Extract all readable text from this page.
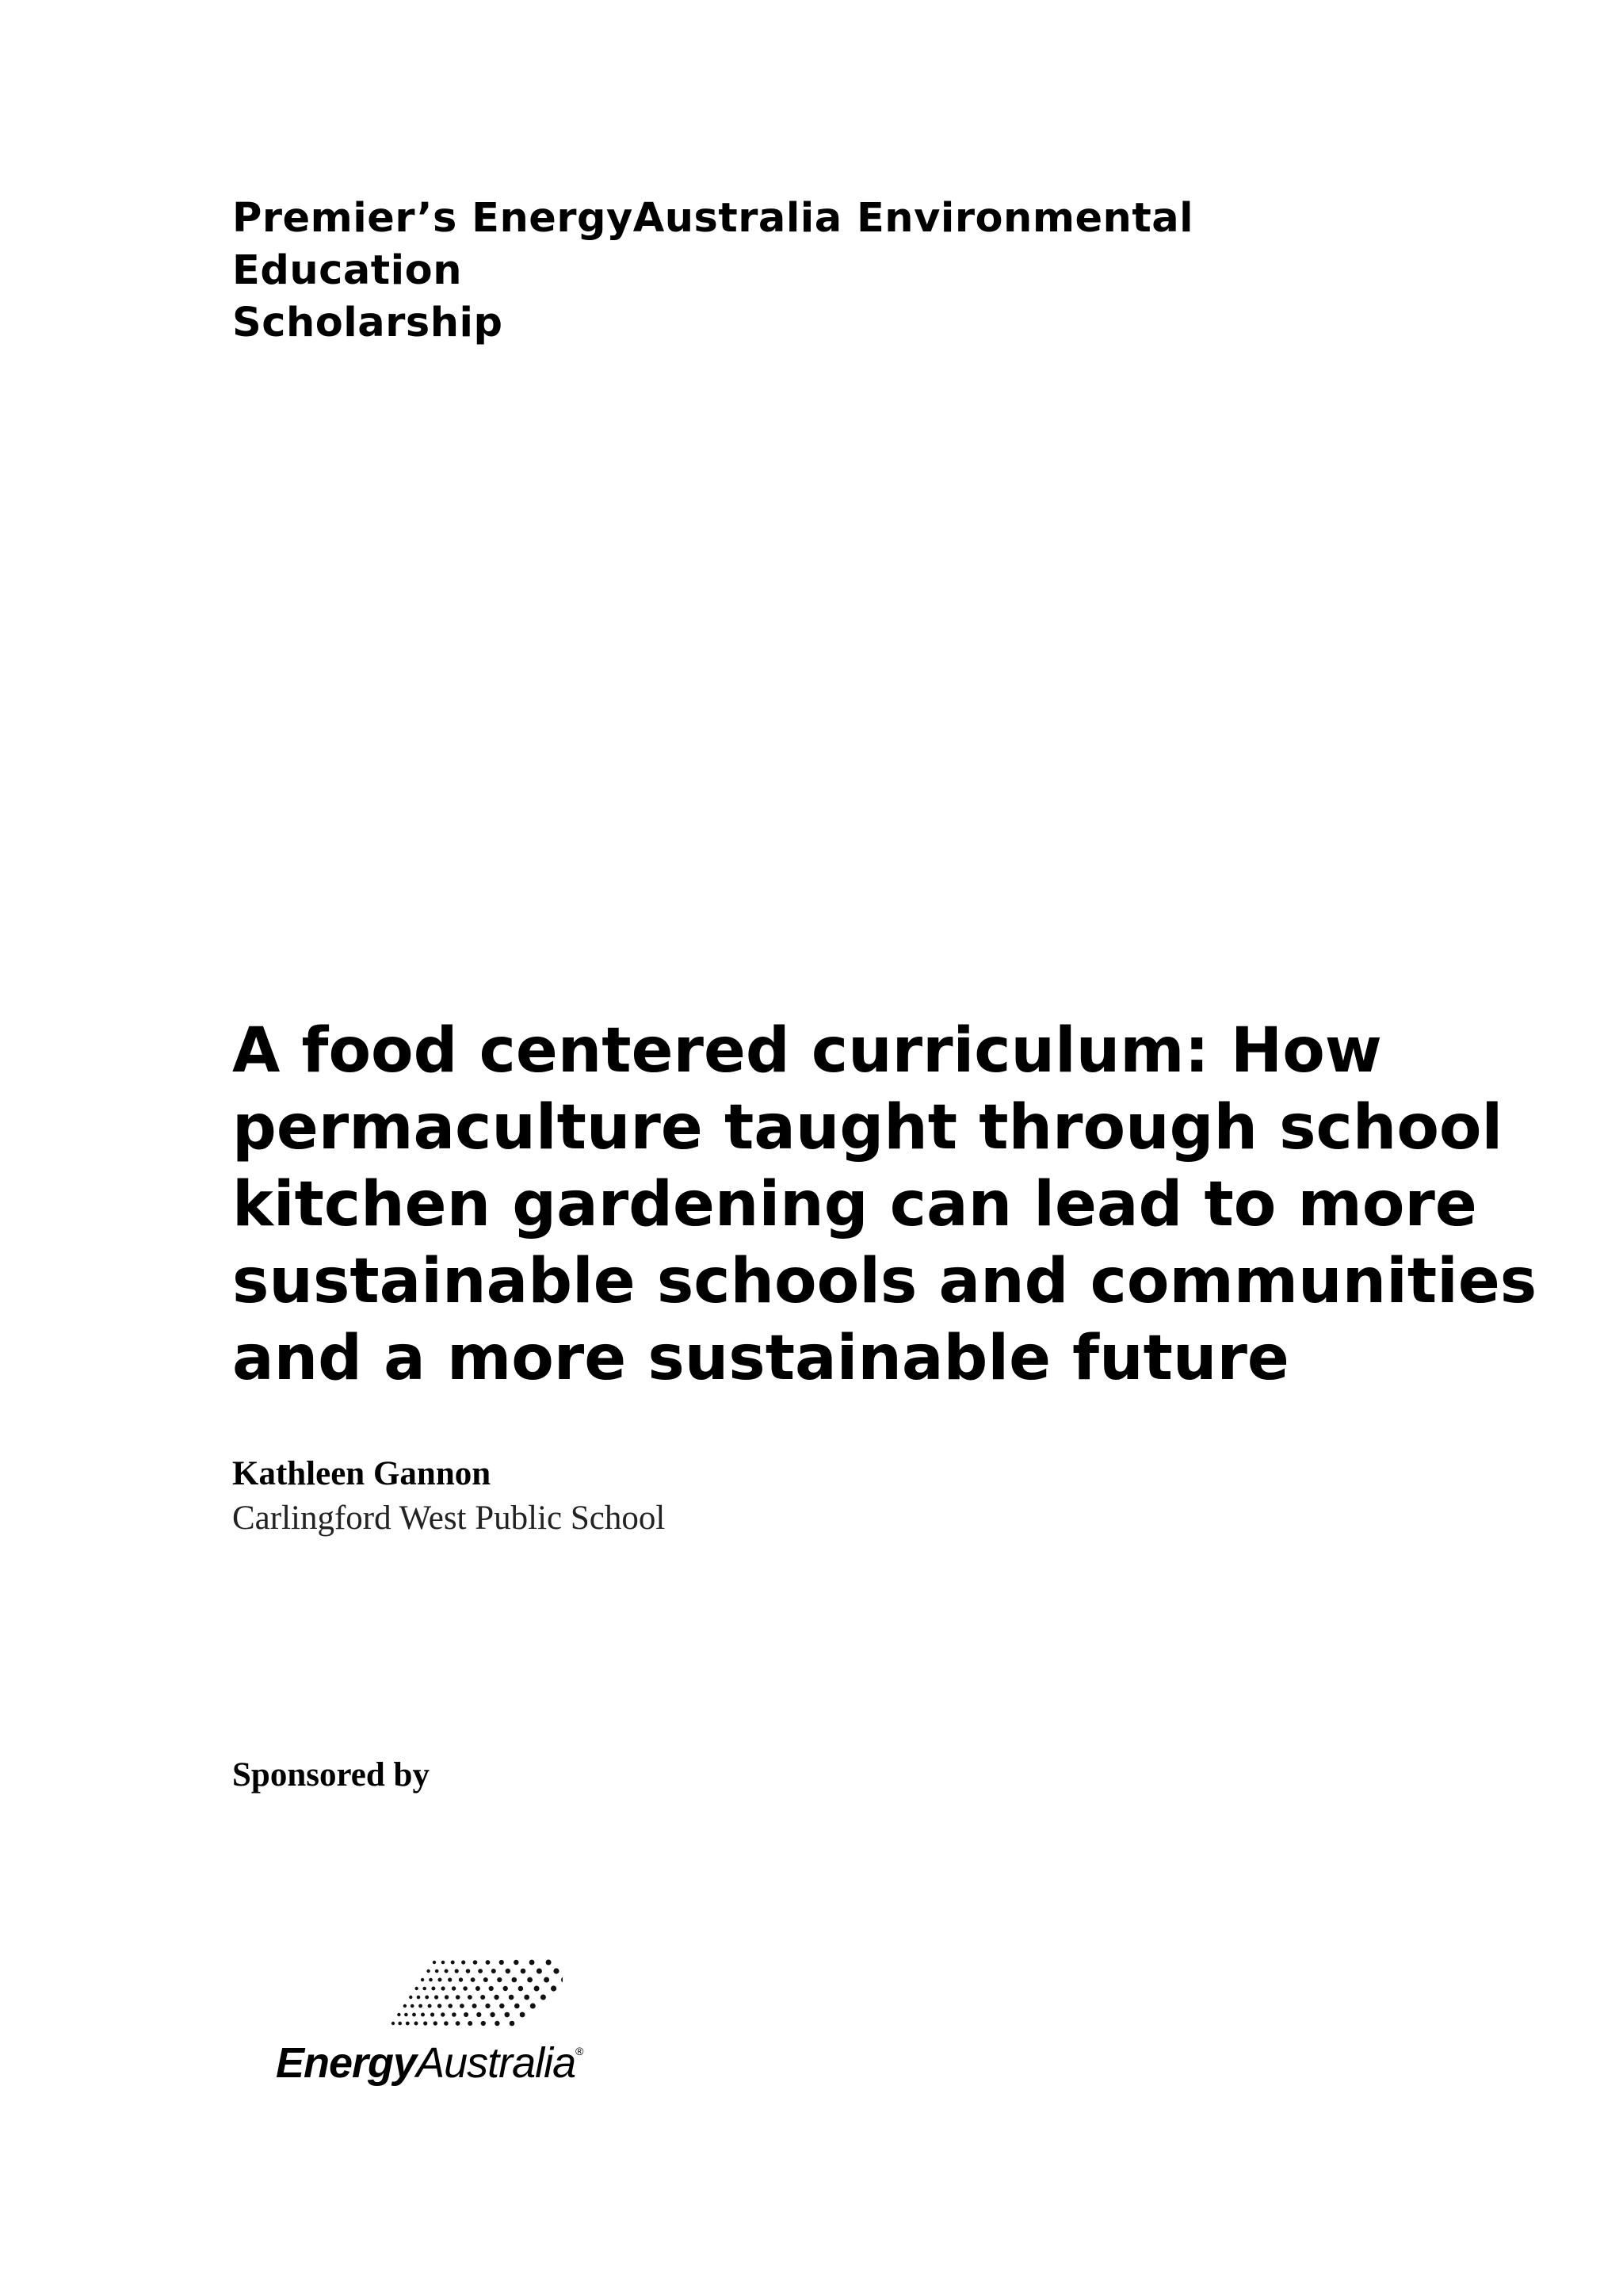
Premier’s EnergyAustralia Environmental Education
Scholarship
A food centered curriculum: How
permaculture taught through school
kitchen gardening can lead to more
sustainable schools and communities
and a more sustainable future
Kathleen Gannon
Carlingford West Public School
Sponsored by
EnergyAustralia®
